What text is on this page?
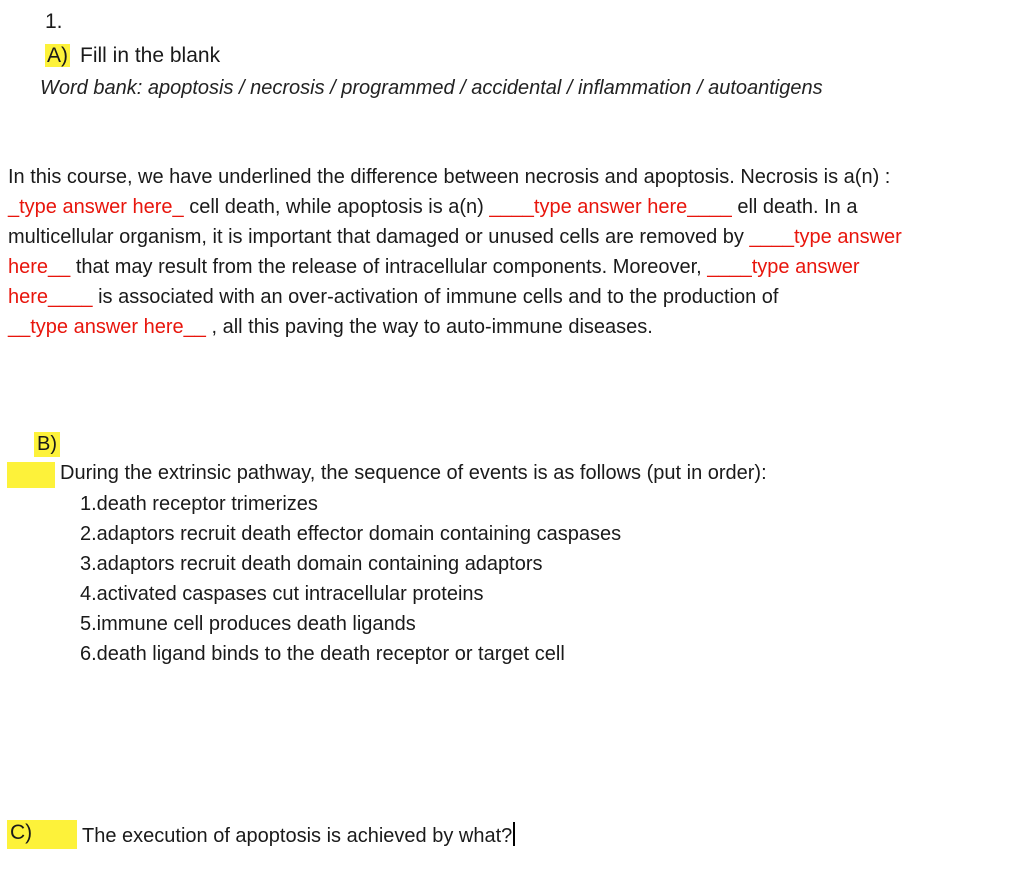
1.
A) Fill in the blank
Word bank: apoptosis / necrosis / programmed / accidental / inflammation / autoantigens
In this course, we have underlined the difference between necrosis and apoptosis. Necrosis is a(n) :
_type answer here_ cell death, while apoptosis is a(n) ____type answer here____ ell death. In a
multicellular organism, it is important that damaged or unused cells are removed by ____type answer
here__ that may result from the release of intracellular components. Moreover, ____type answer
here____ is associated with an over-activation of immune cells and to the production of
__type answer here__ , all this paving the way to auto-immune diseases.
B)
During the extrinsic pathway, the sequence of events is as follows (put in order):
1.death receptor trimerizes
2.adaptors recruit death effector domain containing caspases
3.adaptors recruit death domain containing adaptors
4.activated caspases cut intracellular proteins
5.immune cell produces death ligands
6.death ligand binds to the death receptor or target cell
C) The execution of apoptosis is achieved by what?
